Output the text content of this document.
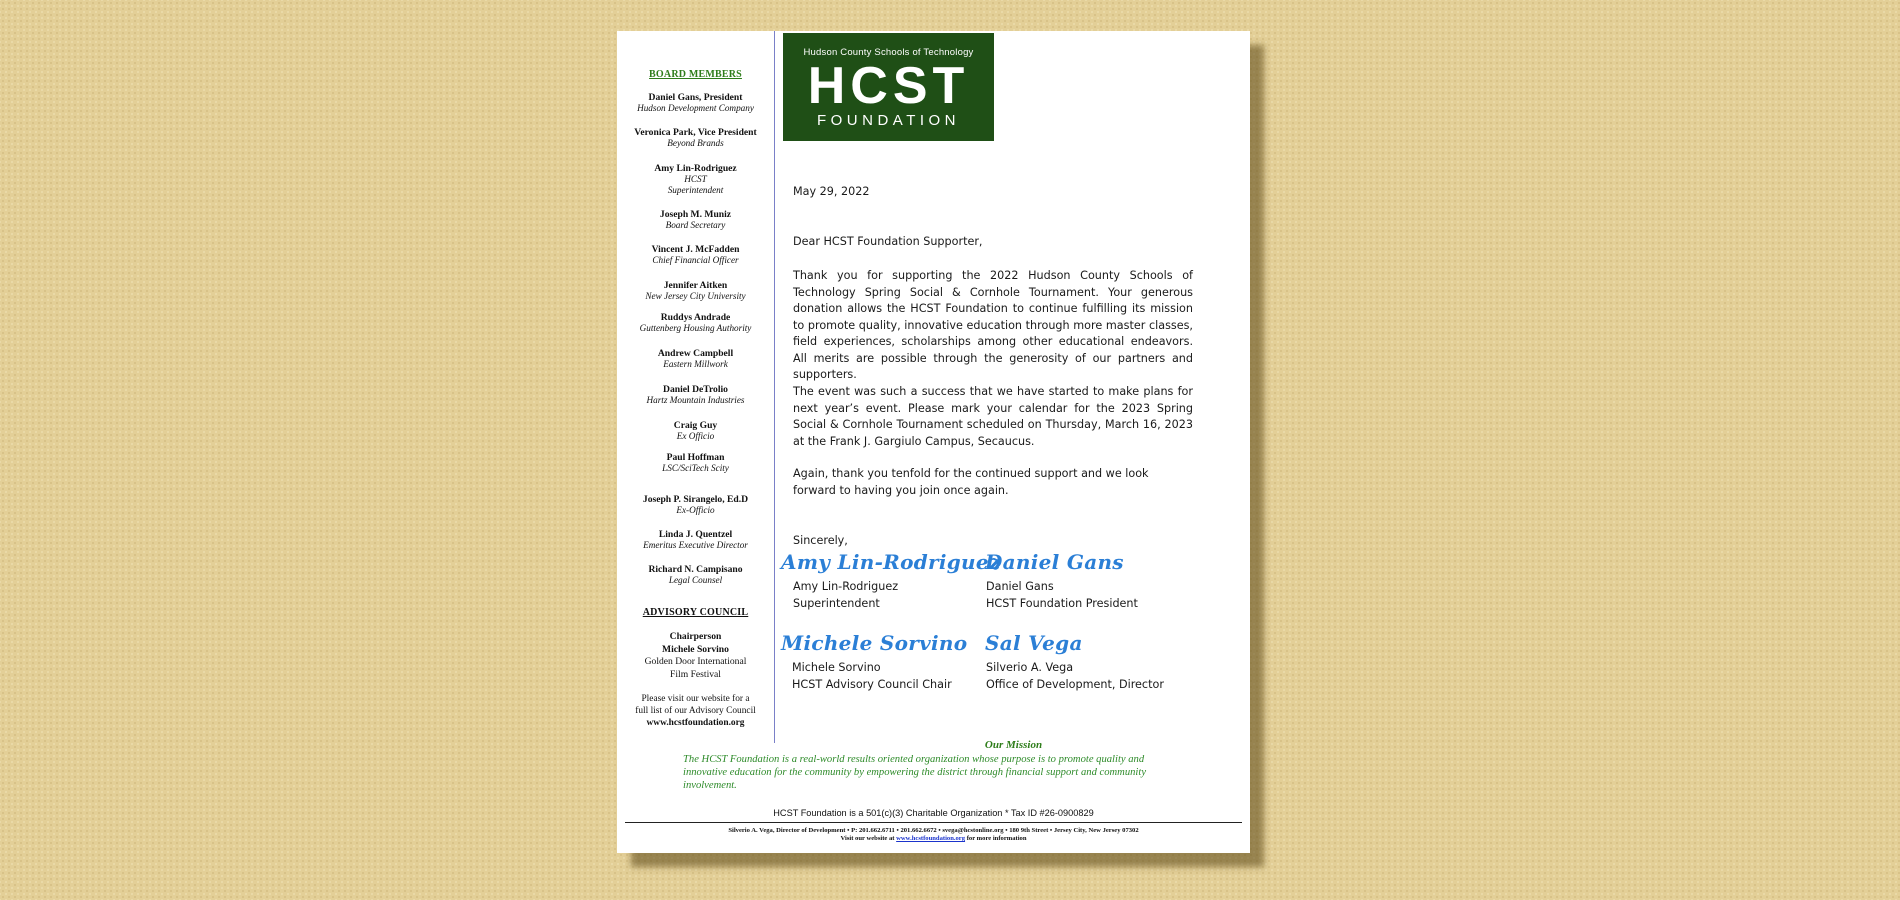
BOARD MEMBERS
Daniel Gans, President
Hudson Development Company
Veronica Park, Vice President
Beyond Brands
Amy Lin-Rodriguez
HCST
Superintendent
Joseph M. Muniz
Board Secretary
Vincent J. McFadden
Chief Financial Officer
Jennifer Aitken
New Jersey City University
Ruddys Andrade
Guttenberg Housing Authority
Andrew Campbell
Eastern Millwork
Daniel DeTrolio
Hartz Mountain Industries
Craig Guy
Ex Officio
Paul Hoffman
LSC/SciTech Scity
Joseph P. Sirangelo, Ed.D
Ex-Officio
Linda J. Quentzel
Emeritus Executive Director
Richard N. Campisano
Legal Counsel
ADVISORY COUNCIL
Chairperson
Michele Sorvino
Golden Door International
Film Festival
Please visit our website for a
full list of our Advisory Council
www.hcstfoundation.org
Hudson County Schools of Technology
HCST
FOUNDATION
May 29, 2022
Dear HCST Foundation Supporter,
Thank you for supporting the 2022 Hudson County Schools of Technology Spring Social & Cornhole Tournament. Your generous donation allows the HCST Foundation to continue fulfilling its mission to promote quality, innovative education through more master classes, field experiences, scholarships among other educational endeavors. All merits are possible through the generosity of our partners and supporters.
The event was such a success that we have started to make plans for next year’s event. Please mark your calendar for the 2023 Spring Social & Cornhole Tournament scheduled on Thursday, March 16, 2023 at the Frank J. Gargiulo Campus, Secaucus.
Again, thank you tenfold for the continued support and we look forward to having you join once again.
Sincerely,
Amy Lin-Rodriguez
Amy Lin-Rodriguez
Superintendent
Daniel Gans
Daniel Gans
HCST Foundation President
Michele Sorvino
Michele Sorvino
HCST Advisory Council Chair
Sal Vega
Silverio A. Vega
Office of Development, Director
Our Mission
The HCST Foundation is a real-world results oriented organization whose purpose is to promote quality and innovative education for the community by empowering the district through financial support and community involvement.
HCST Foundation is a 501(c)(3) Charitable Organization * Tax ID #26-0900829
Silverio A. Vega, Director of Development • P: 201.662.6711 • 201.662.6672 • svega@hcstonline.org • 180 9th Street • Jersey City, New Jersey 07302
Visit our website at www.hcstfoundation.org for more information
